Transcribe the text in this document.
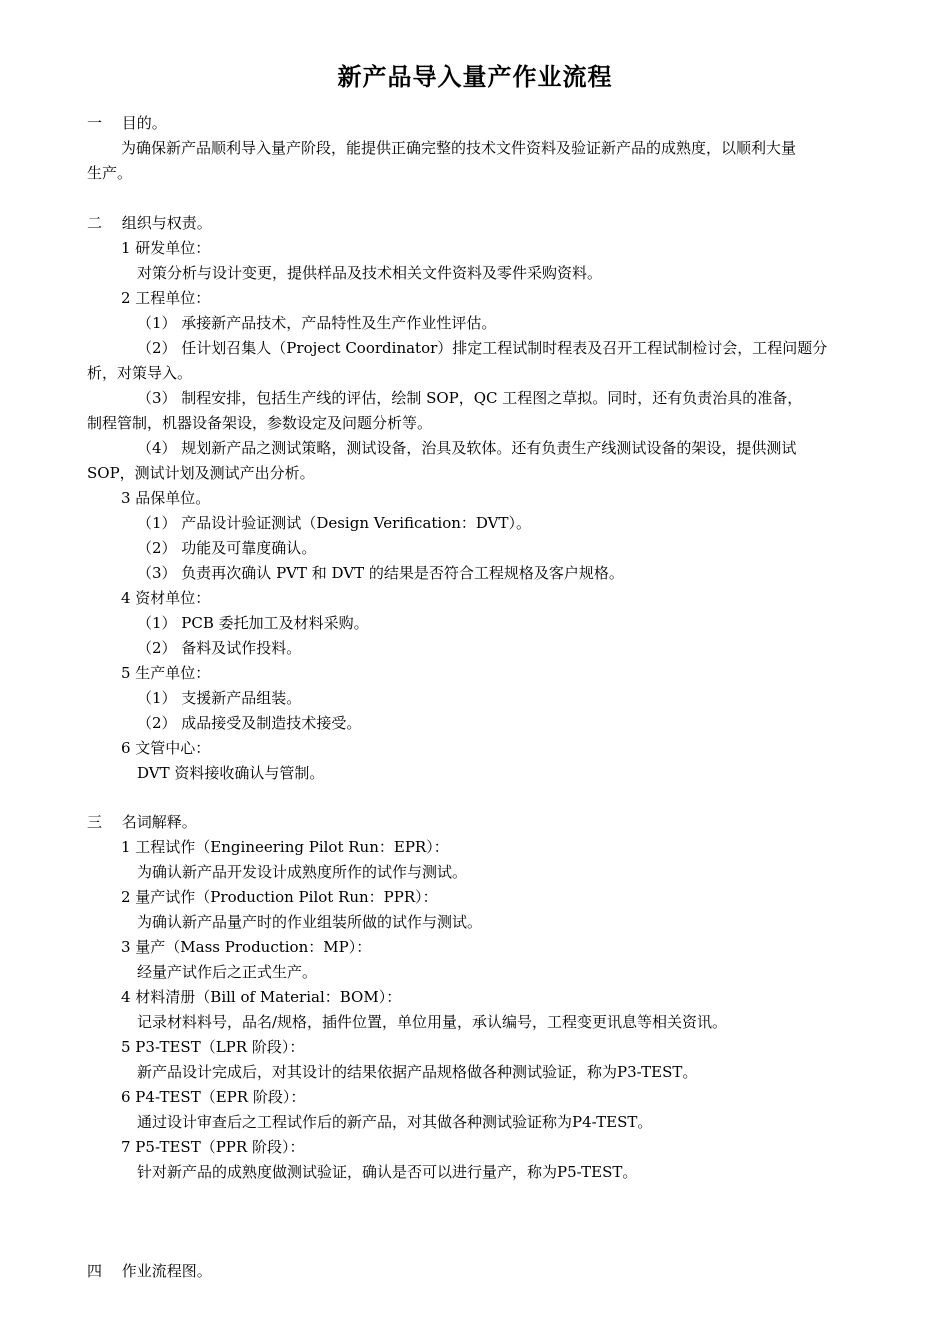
新产品导入量产作业流程
一　 目的。
为确保新产品顺利导入量产阶段，能提供正确完整的技术文件资料及验证新产品的成熟度，以顺利大量
生产。
二　 组织与权责。
1 研发单位：
对策分析与设计变更，提供样品及技术相关文件资料及零件采购资料。
2 工程单位：
（1） 承接新产品技术，产品特性及生产作业性评估。
（2） 任计划召集人（Project Coordinator）排定工程试制时程表及召开工程试制检讨会，工程问题分
析，对策导入。
（3） 制程安排，包括生产线的评估，绘制 SOP，QC 工程图之草拟。同时，还有负责治具的准备，
制程管制，机器设备架设，参数设定及问题分析等。
（4） 规划新产品之测试策略，测试设备，治具及软体。还有负责生产线测试设备的架设，提供测试
SOP，测试计划及测试产出分析。
3 品保单位。
（1） 产品设计验证测试（Design Verification：DVT）。
（2） 功能及可靠度确认。
（3） 负责再次确认 PVT 和 DVT 的结果是否符合工程规格及客户规格。
4 资材单位：
（1） PCB 委托加工及材料采购。
（2） 备料及试作投料。
5 生产单位：
（1） 支援新产品组装。
（2） 成品接受及制造技术接受。
6 文管中心：
DVT 资料接收确认与管制。
三　 名词解释。
1 工程试作（Engineering Pilot Run：EPR）：
为确认新产品开发设计成熟度所作的试作与测试。
2 量产试作（Production Pilot Run：PPR）：
为确认新产品量产时的作业组装所做的试作与测试。
3 量产（Mass Production：MP）：
经量产试作后之正式生产。
4 材料清册（Bill of Material：BOM）：
记录材料料号，品名/规格，插件位置，单位用量，承认编号，工程变更讯息等相关资讯。
5 P3-TEST（LPR 阶段）：
新产品设计完成后，对其设计的结果依据产品规格做各种测试验证，称为P3-TEST。
6 P4-TEST（EPR 阶段）：
通过设计审查后之工程试作后的新产品，对其做各种测试验证称为P4-TEST。
7 P5-TEST（PPR 阶段）：
针对新产品的成熟度做测试验证，确认是否可以进行量产，称为P5-TEST。
四　 作业流程图。
